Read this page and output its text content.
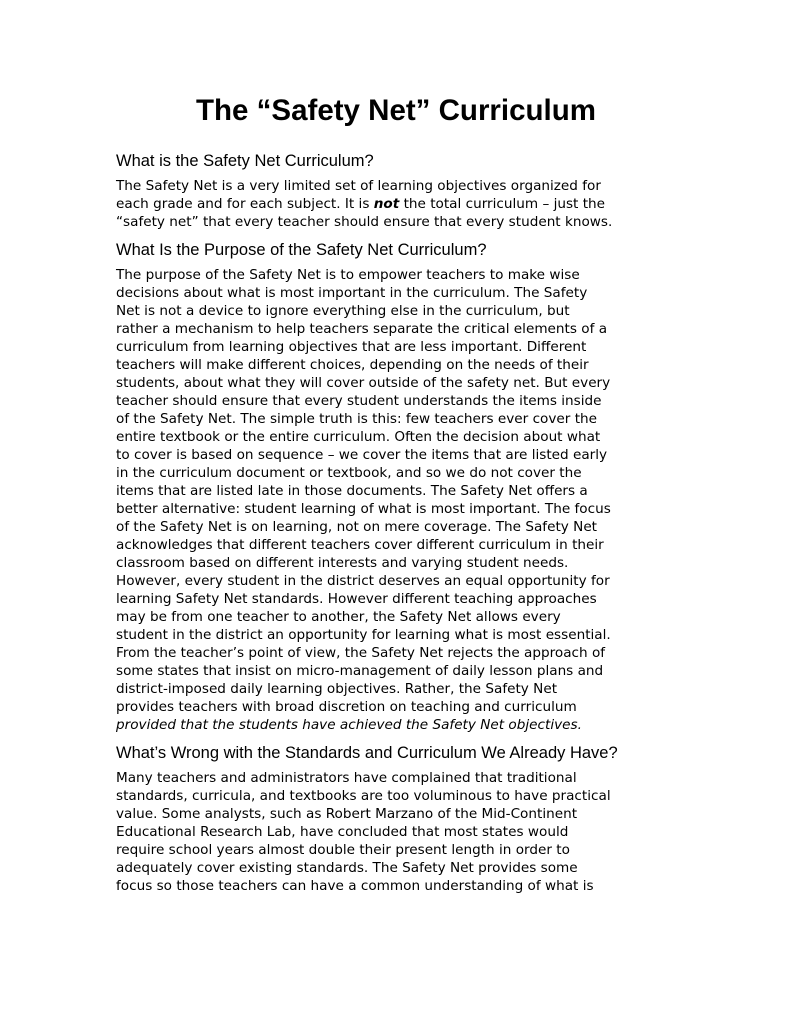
The “Safety Net” Curriculum
What is the Safety Net Curriculum?
The Safety Net is a very limited set of learning objectives organized for
each grade and for each subject. It is not the total curriculum – just the
“safety net” that every teacher should ensure that every student knows.
What Is the Purpose of the Safety Net Curriculum?
The purpose of the Safety Net is to empower teachers to make wise
decisions about what is most important in the curriculum. The Safety
Net is not a device to ignore everything else in the curriculum, but
rather a mechanism to help teachers separate the critical elements of a
curriculum from learning objectives that are less important. Different
teachers will make different choices, depending on the needs of their
students, about what they will cover outside of the safety net. But every
teacher should ensure that every student understands the items inside
of the Safety Net. The simple truth is this: few teachers ever cover the
entire textbook or the entire curriculum. Often the decision about what
to cover is based on sequence – we cover the items that are listed early
in the curriculum document or textbook, and so we do not cover the
items that are listed late in those documents. The Safety Net offers a
better alternative: student learning of what is most important. The focus
of the Safety Net is on learning, not on mere coverage. The Safety Net
acknowledges that different teachers cover different curriculum in their
classroom based on different interests and varying student needs.
However, every student in the district deserves an equal opportunity for
learning Safety Net standards. However different teaching approaches
may be from one teacher to another, the Safety Net allows every
student in the district an opportunity for learning what is most essential.
From the teacher’s point of view, the Safety Net rejects the approach of
some states that insist on micro-management of daily lesson plans and
district-imposed daily learning objectives. Rather, the Safety Net
provides teachers with broad discretion on teaching and curriculum
provided that the students have achieved the Safety Net objectives.
What’s Wrong with the Standards and Curriculum We Already Have?
Many teachers and administrators have complained that traditional
standards, curricula, and textbooks are too voluminous to have practical
value. Some analysts, such as Robert Marzano of the Mid-Continent
Educational Research Lab, have concluded that most states would
require school years almost double their present length in order to
adequately cover existing standards. The Safety Net provides some
focus so those teachers can have a common understanding of what is
